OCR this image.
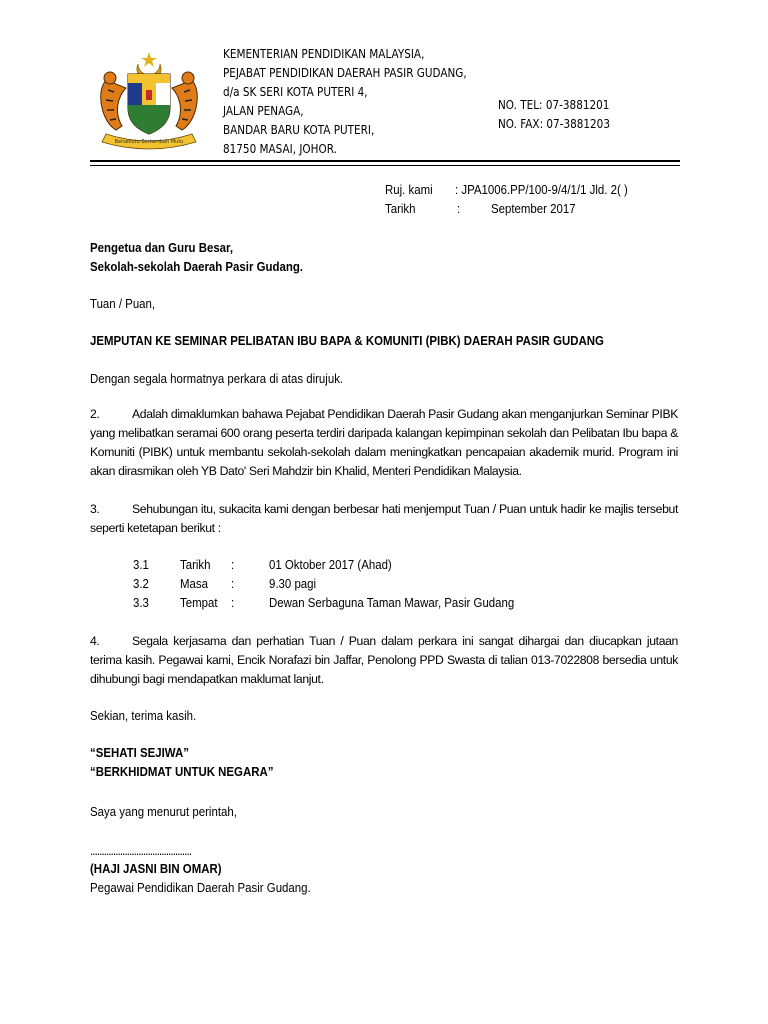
Bersekutu Bertambah Mutu
KEMENTERIAN PENDIDIKAN MALAYSIA,
PEJABAT PENDIDIKAN DAERAH PASIR GUDANG,
d/a SK SERI KOTA PUTERI 4,
JALAN PENAGA,
BANDAR BARU KOTA PUTERI,
81750 MASAI, JOHOR.
NO. TEL: 07-3881201
NO. FAX: 07-3881203
Ruj. kami : JPA1006.PP/100-9/4/1/1 Jld. 2( )
Tarikh	: September 2017
Pengetua dan Guru Besar,
Sekolah-sekolah Daerah Pasir Gudang.
Tuan / Puan,
JEMPUTAN KE SEMINAR PELIBATAN IBU BAPA & KOMUNITI (PIBK) DAERAH PASIR GUDANG
Dengan segala hormatnya perkara di atas dirujuk.
2.	Adalah dimaklumkan bahawa Pejabat Pendidikan Daerah Pasir Gudang akan menganjurkan Seminar PIBK yang melibatkan seramai 600 orang peserta terdiri daripada kalangan kepimpinan sekolah dan Pelibatan Ibu bapa & Komuniti (PIBK) untuk membantu sekolah-sekolah dalam meningkatkan pencapaian akademik murid. Program ini akan dirasmikan oleh YB Dato' Seri Mahdzir bin Khalid, Menteri Pendidikan Malaysia.
3.	Sehubungan itu, sukacita kami dengan berbesar hati menjemput Tuan / Puan untuk hadir ke majlis tersebut seperti ketetapan berikut :
3.1 Tarikh :	01 Oktober 2017 (Ahad)
3.2 Masa :	9.30 pagi
3.3 Tempat :	Dewan Serbaguna Taman Mawar, Pasir Gudang
4.	Segala kerjasama dan perhatian Tuan / Puan dalam perkara ini sangat dihargai dan diucapkan jutaan terima kasih. Pegawai kami, Encik Norafazi bin Jaffar, Penolong PPD Swasta di talian 013-7022808 bersedia untuk dihubungi bagi mendapatkan maklumat lanjut.
Sekian, terima kasih.
“SEHATI SEJIWA”
“BERKHIDMAT UNTUK NEGARA”
Saya yang menurut perintah,
............................................
(HAJI JASNI BIN OMAR)
Pegawai Pendidikan Daerah Pasir Gudang.
